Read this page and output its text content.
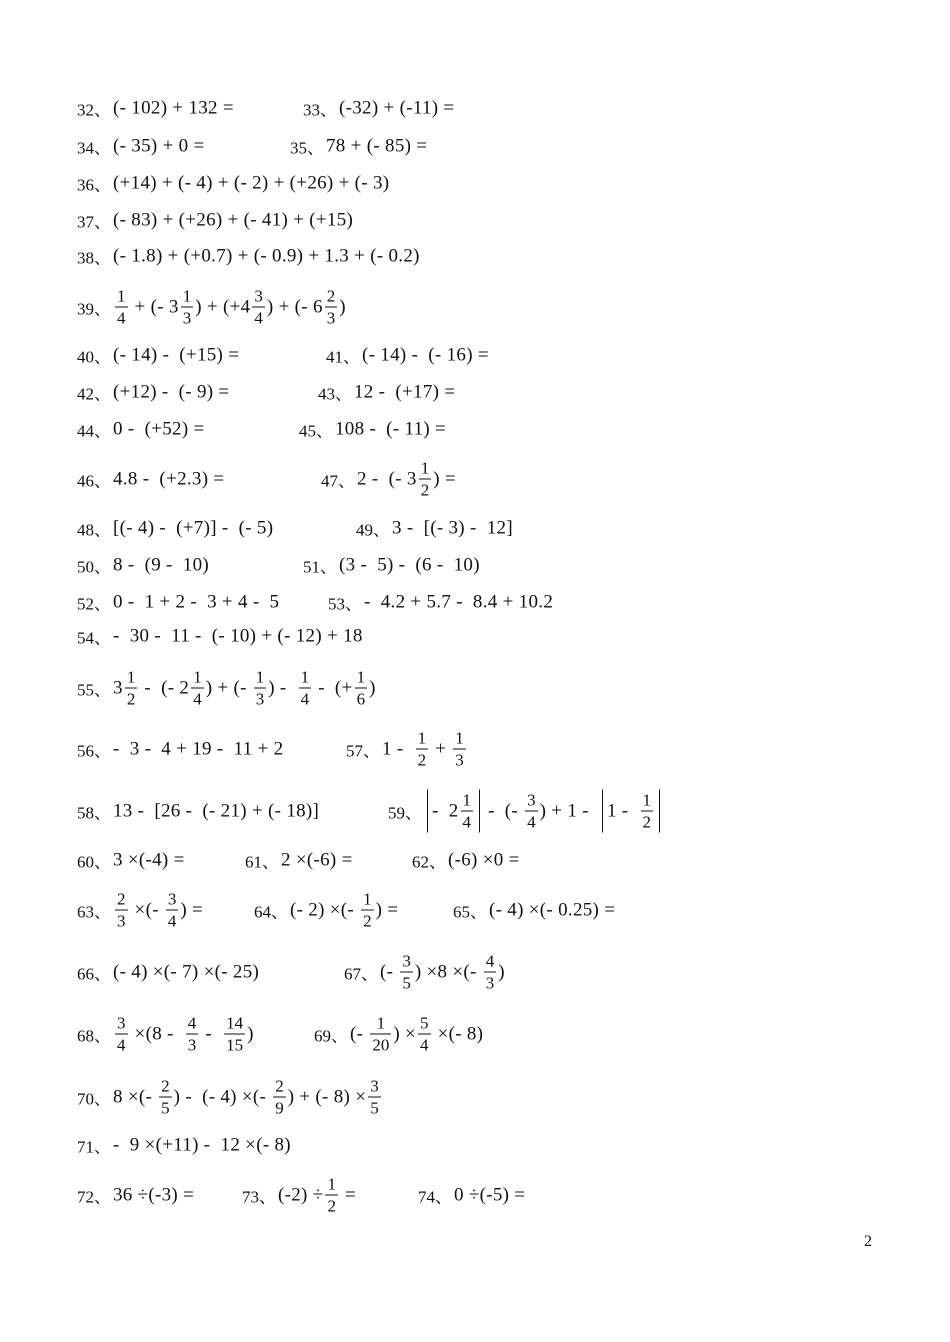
32、 (- 102) + 132 =	33、 (-32) + (-11) =
34、 (- 35) + 0 =	35、 78 + (- 85) =
36、 (+14) + (- 4) + (- 2) + (+26) + (- 3)
37、 (- 83) + (+26) + (- 41) + (+15)
38、 (- 1.8) + (+0.7) + (- 0.9) + 1.3 + (- 0.2)
39、 $\frac{1}{4}$ + (- $3 \frac{1}{3}$ ) + ($+4 \frac{3}{4}$ ) + (- $6 \frac{2}{3}$ )
40、 (- 14) -  (+15) =	41、 (- 14) -  (- 16) =
42、 (+12) -  (- 9) =	43、 12 -  (+17) =
44、 0 -  (+52) =	45、 108 -  (- 11) =
46、 4.8 -  (+2.3) =	47、 2 -  (- $3 \frac{1}{2}$ ) =
48、 [(- 4) -  (+7)] -  (- 5)	49、 3 -  [(- 3) -  12]
50、 8 -  (9 -  10)	51、 (3 -  5) -  (6 -  10)
52、 0 -  1 + 2 -  3 + 4 -  5	53、 -  4.2 + 5.7 -  8.4 + 10.2
54、 -  30 -  11 -  (- 10) + (- 12) + 18
55、 $3 \frac{1}{2}$ -  (- $2 \frac{1}{4}$ ) + (- $\frac{1}{3}$ ) - $\frac{1}{4}$ -  (+ $\frac{1}{6}$ )
56、 -  3 -  4 + 19 -  11 + 2	57、 $1 - \frac{1}{2} + \frac{1}{3}$
58、 13 -  [26 -  (- 21) + (- 18)]	59、 -  $2 \frac{1}{4}$ -  (- $\frac{3}{4}$ ) + $1 - 1 - \frac{1}{2}$
60、 3 ×(-4) =	61、 2 ×(-6) =	62、 (-6) ×0 =
63、 $\frac{2}{3}$ ×(- $\frac{3}{4}$ ) =	64、 (- 2) ×(- $\frac{1}{2}$ ) =	65、 (- 4) ×(- 0.25) =
66、 (- 4) ×(- 7) ×(- 25)	67、 (- $\frac{3}{5}$ ) ×8 ×(- $\frac{4}{3}$ )
68、 $\frac{3}{4} \times(8 - \frac{4}{3} - \frac{14}{15}$ )	69、 (- $\frac{1}{20}$ ) × $\frac{5}{4}$ ×(- 8)
70、 8 ×(- $\frac{2}{5}$ ) -  (- 4) ×(- $\frac{2}{9}$ ) + (- $8) \times \frac{3}{5}$
71、 -  9 ×(+11) -  12 ×(- 8)
72、 36 ÷(-3) =	73、 $(-2) \div \frac{1}{2}$ =	74、 0 ÷(-5) =
2
